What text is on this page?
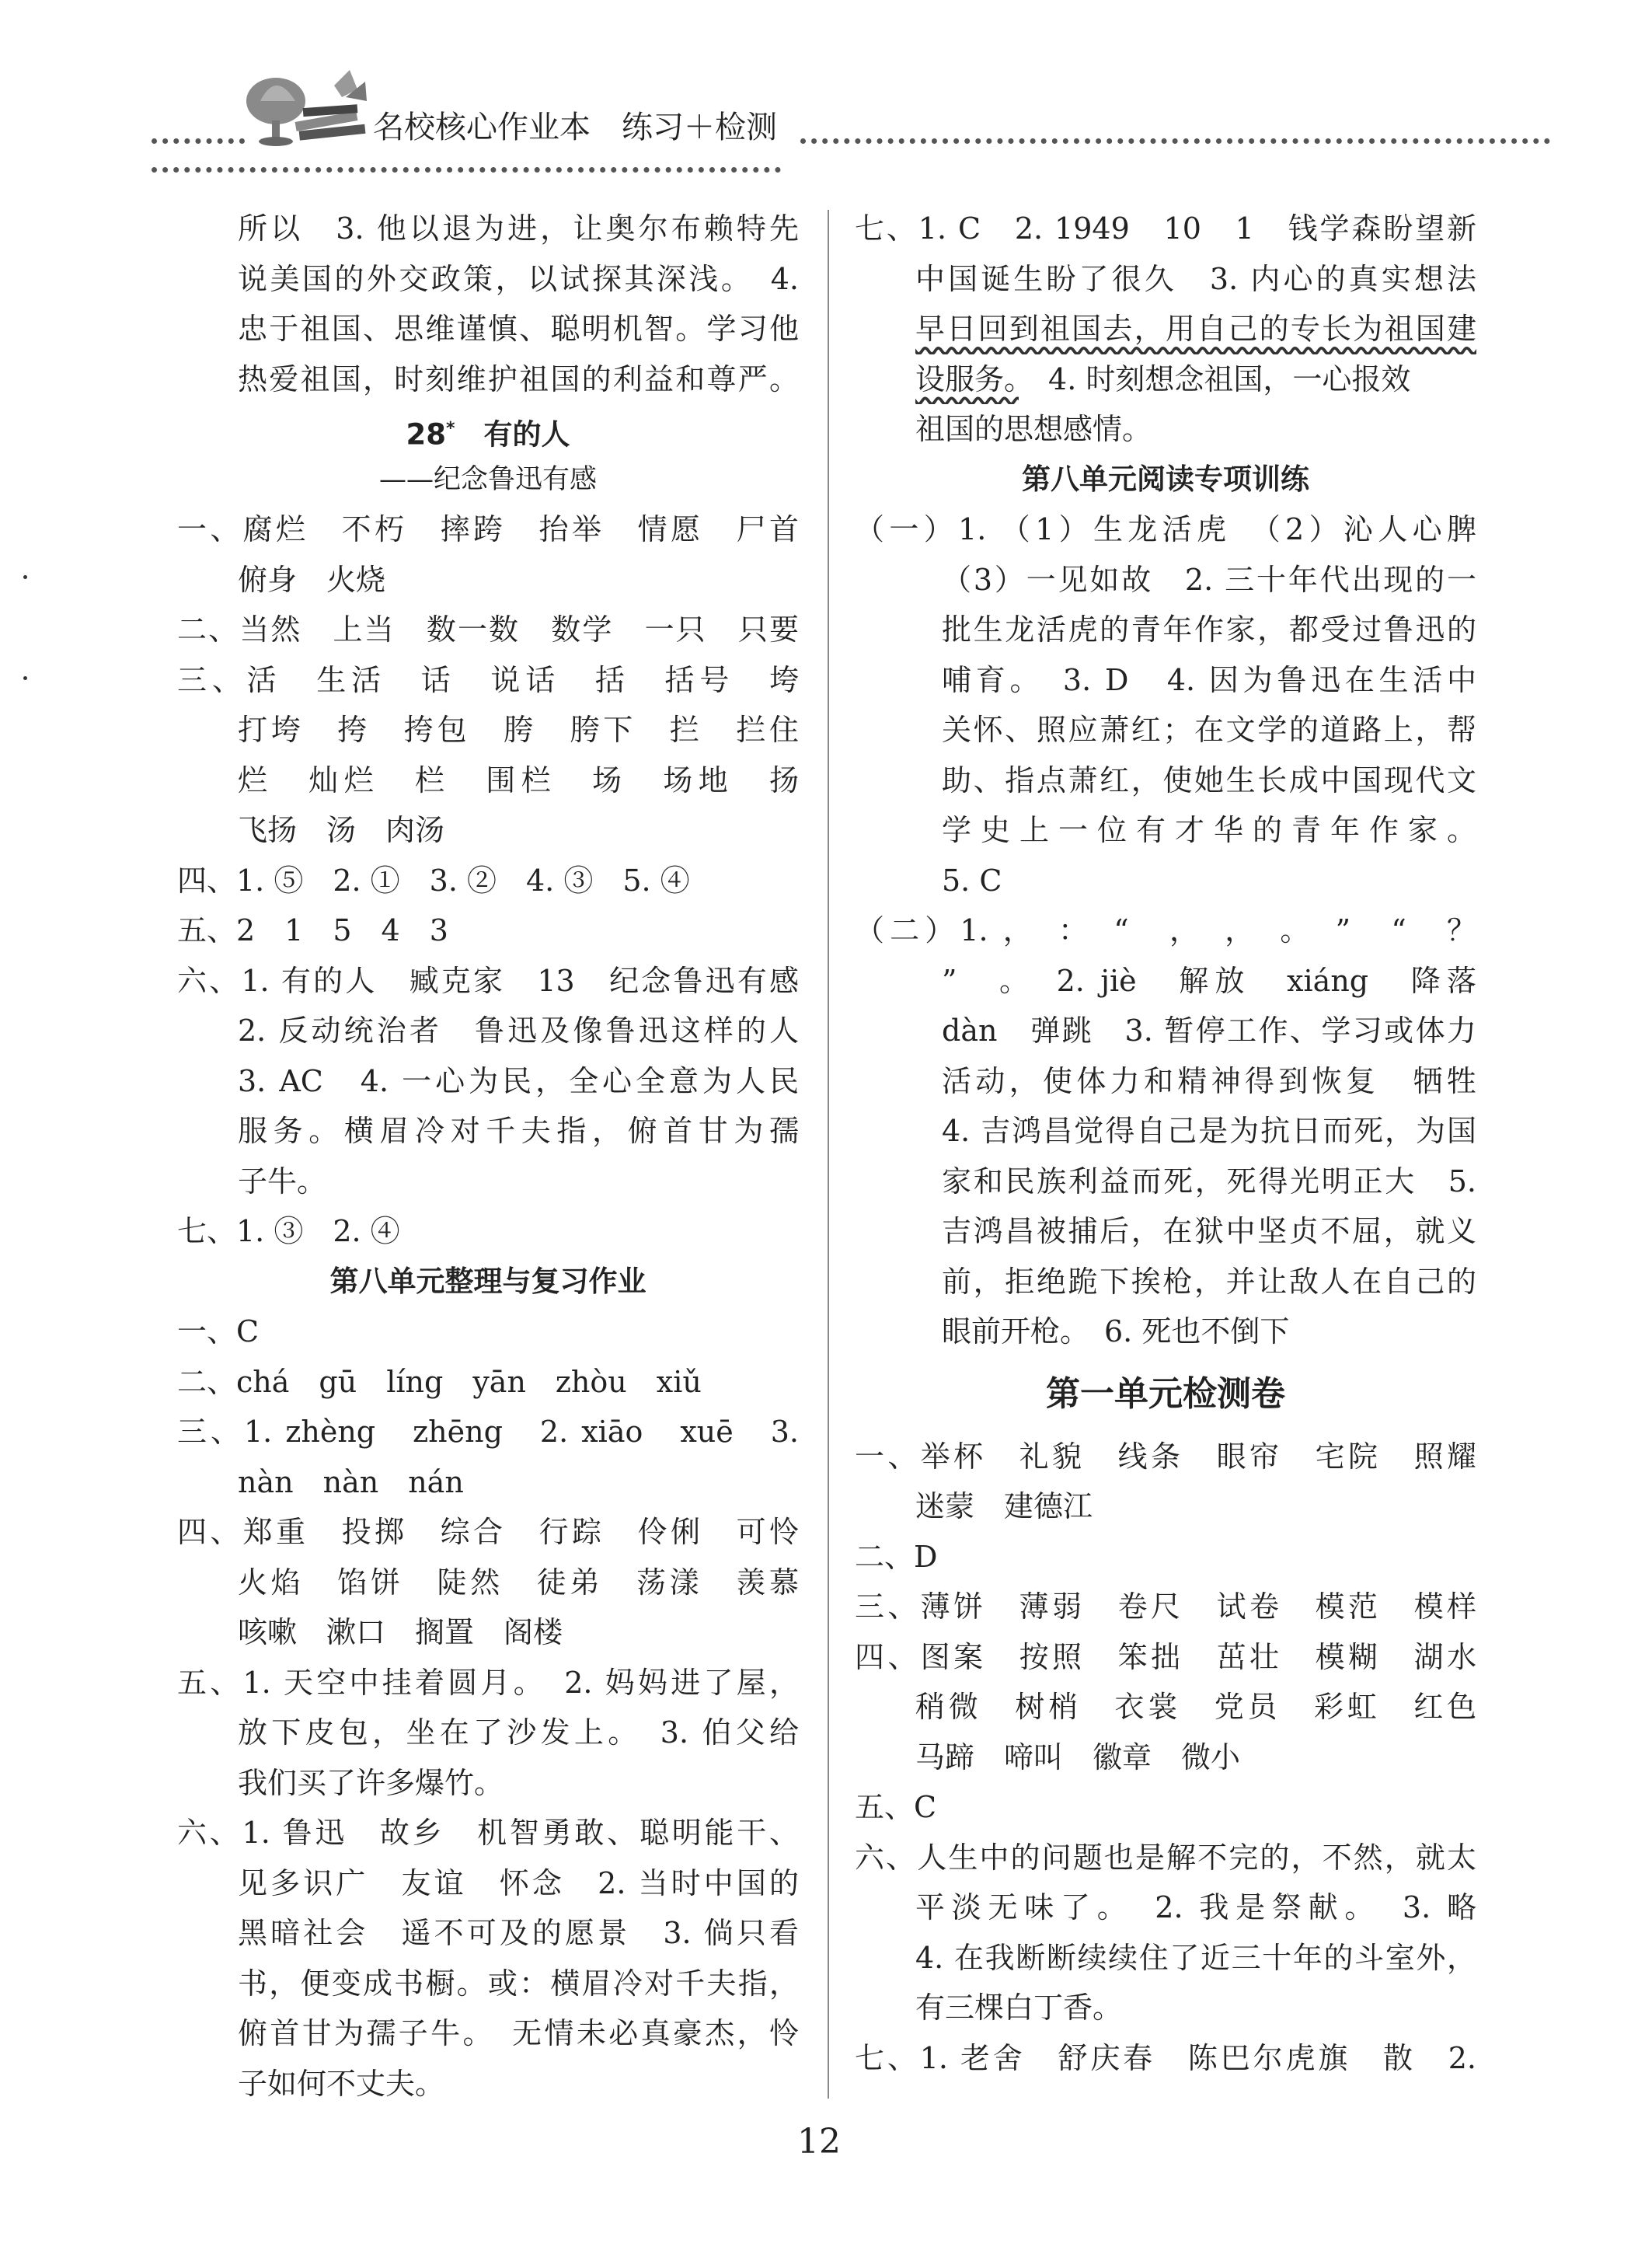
名校核心作业本 练习＋检测
所以　3. 他以退为进，让奥尔布赖特先
说美国的外交政策，以试探其深浅。　4.
忠于祖国、思维谨慎、聪明机智。学习他
热爱祖国，时刻维护祖国的利益和尊严。
28*　 有的人
——纪念鲁迅有感
一、腐烂　不朽　摔跨　抬举　情愿　尸首
俯身　火烧
二、当然　上当　数一数　数学　一只　只要
三、活　生活　话　说话　括　括号　垮
打垮　挎　挎包　胯　胯下　拦　拦住
烂　灿烂　栏　围栏　场　场地　扬
飞扬　汤　肉汤
四、1. ⑤　2. ①　3. ②　4. ③　5. ④
五、2　1　5　4　3
六、1. 有的人　臧克家　13　纪念鲁迅有感
2. 反动统治者　鲁迅及像鲁迅这样的人
3. AC　4. 一心为民，全心全意为人民
服务。横眉冷对千夫指，俯首甘为孺
子牛。
七、1. ③　2. ④
第八单元整理与复习作业
一、C
二、chá　gū　líng　yān　zhòu　xiǔ
三、1. zhèng　zhēng　2. xiāo　xuē　3.
nàn　nàn　nán
四、郑重　投掷　综合　行踪　伶俐　可怜
火焰　馅饼　陡然　徒弟　荡漾　羡慕
咳嗽　漱口　搁置　阁楼
五、1. 天空中挂着圆月。　2. 妈妈进了屋，
放下皮包，坐在了沙发上。　3. 伯父给
我们买了许多爆竹。
六、1. 鲁迅　故乡　机智勇敢、聪明能干、
见多识广　友谊　怀念　2. 当时中国的
黑暗社会　遥不可及的愿景　3. 倘只看
书，便变成书橱。或：横眉冷对千夫指，
俯首甘为孺子牛。　无情未必真豪杰，怜
子如何不丈夫。
七、1. C　2. 1949　10　1　钱学森盼望新
中国诞生盼了很久　3. 内心的真实想法
早日回到祖国去，用自己的专长为祖国建
设服务。　4. 时刻想念祖国，一心报效
祖国的思想感情。
第八单元阅读专项训练
（一）1. （1）生龙活虎　（2）沁人心脾
（3）一见如故　2. 三十年代出现的一
批生龙活虎的青年作家，都受过鲁迅的
哺育。　3. D　4. 因为鲁迅在生活中
关怀、照应萧红；在文学的道路上，帮
助、指点萧红，使她生长成中国现代文
学史上一位有才华的青年作家。
5. C
（二）1. ，　：　“　，　，　。　”　“　？
”　。　2. jiè　解放　xiáng　降落
dàn　弹跳　3. 暂停工作、学习或体力
活动，使体力和精神得到恢复　牺牲
4. 吉鸿昌觉得自己是为抗日而死，为国
家和民族利益而死，死得光明正大　5.
吉鸿昌被捕后，在狱中坚贞不屈，就义
前，拒绝跪下挨枪，并让敌人在自己的
眼前开枪。　6. 死也不倒下
第一单元检测卷
一、举杯　礼貌　线条　眼帘　宅院　照耀
迷蒙　建德江
二、D
三、薄饼　薄弱　卷尺　试卷　模范　模样
四、图案　按照　笨拙　茁壮　模糊　湖水
稍微　树梢　衣裳　党员　彩虹　红色
马蹄　啼叫　徽章　微小
五、C
六、人生中的问题也是解不完的，不然，就太
平淡无味了。　2. 我是祭献。　3. 略
4. 在我断断续续住了近三十年的斗室外，
有三棵白丁香。
七、1. 老舍　舒庆春　陈巴尔虎旗　散　2.
12
